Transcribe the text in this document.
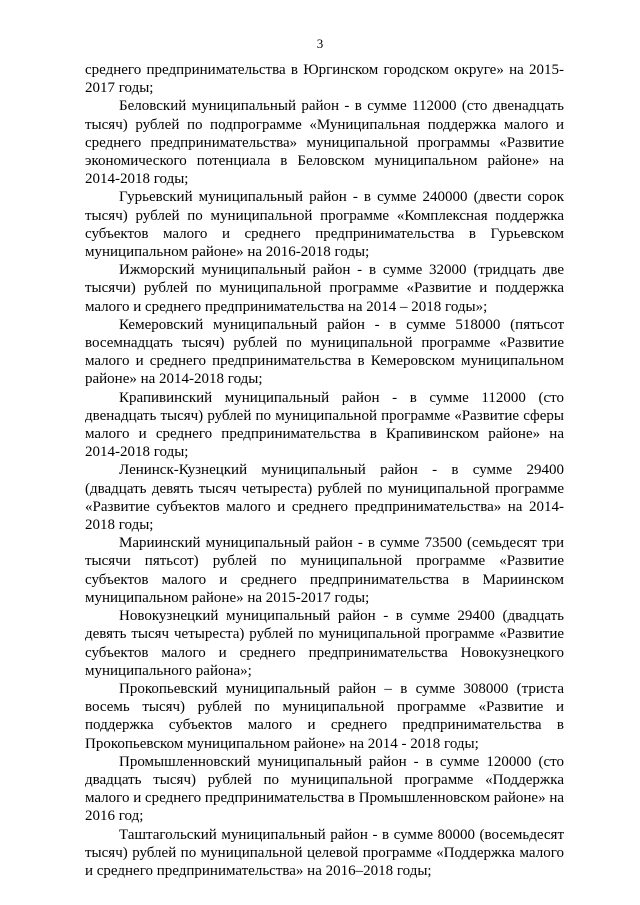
3

среднего предпринимательства в Юргинском городском округе» на 2015-2017 годы;

Беловский муниципальный район - в сумме 112000 (сто двенадцать тысяч) рублей по подпрограмме «Муниципальная поддержка малого и среднего предпринимательства» муниципальной программы «Развитие экономического потенциала в Беловском муниципальном районе» на 2014-2018 годы;

Гурьевский муниципальный район - в сумме 240000 (двести сорок тысяч) рублей по муниципальной программе «Комплексная поддержка субъектов малого и среднего предпринимательства в Гурьевском муниципальном районе» на 2016-2018 годы;

Ижморский муниципальный район - в сумме 32000 (тридцать две тысячи) рублей по муниципальной программе «Развитие и поддержка малого и среднего предпринимательства на 2014 – 2018 годы»;

Кемеровский муниципальный район - в сумме 518000 (пятьсот восемнадцать тысяч) рублей по муниципальной программе «Развитие малого и среднего предпринимательства в Кемеровском муниципальном районе» на 2014-2018 годы;

Крапивинский муниципальный район - в сумме 112000 (сто двенадцать тысяч) рублей по муниципальной программе «Развитие сферы малого и среднего предпринимательства в Крапивинском районе» на 2014-2018 годы;

Ленинск-Кузнецкий муниципальный район - в сумме 29400 (двадцать девять тысяч четыреста) рублей по муниципальной программе «Развитие субъектов малого и среднего предпринимательства» на 2014-2018 годы;

Мариинский муниципальный район - в сумме 73500 (семьдесят три тысячи пятьсот) рублей по муниципальной программе «Развитие субъектов малого и среднего предпринимательства в Мариинском муниципальном районе» на 2015-2017 годы;

Новокузнецкий муниципальный район - в сумме 29400 (двадцать девять тысяч четыреста) рублей по муниципальной программе «Развитие субъектов малого и среднего предпринимательства Новокузнецкого муниципального района»;

Прокопьевский муниципальный район – в сумме 308000 (триста восемь тысяч) рублей по муниципальной программе «Развитие и поддержка субъектов малого и среднего предпринимательства в Прокопьевском муниципальном районе» на 2014 - 2018 годы;

Промышленновский муниципальный район - в сумме 120000 (сто двадцать тысяч) рублей по муниципальной программе «Поддержка малого и среднего предпринимательства в Промышленновском районе» на 2016 год;

Таштагольский муниципальный район - в сумме 80000 (восемьдесят тысяч) рублей по муниципальной целевой программе «Поддержка малого и среднего предпринимательства» на 2016–2018 годы;
